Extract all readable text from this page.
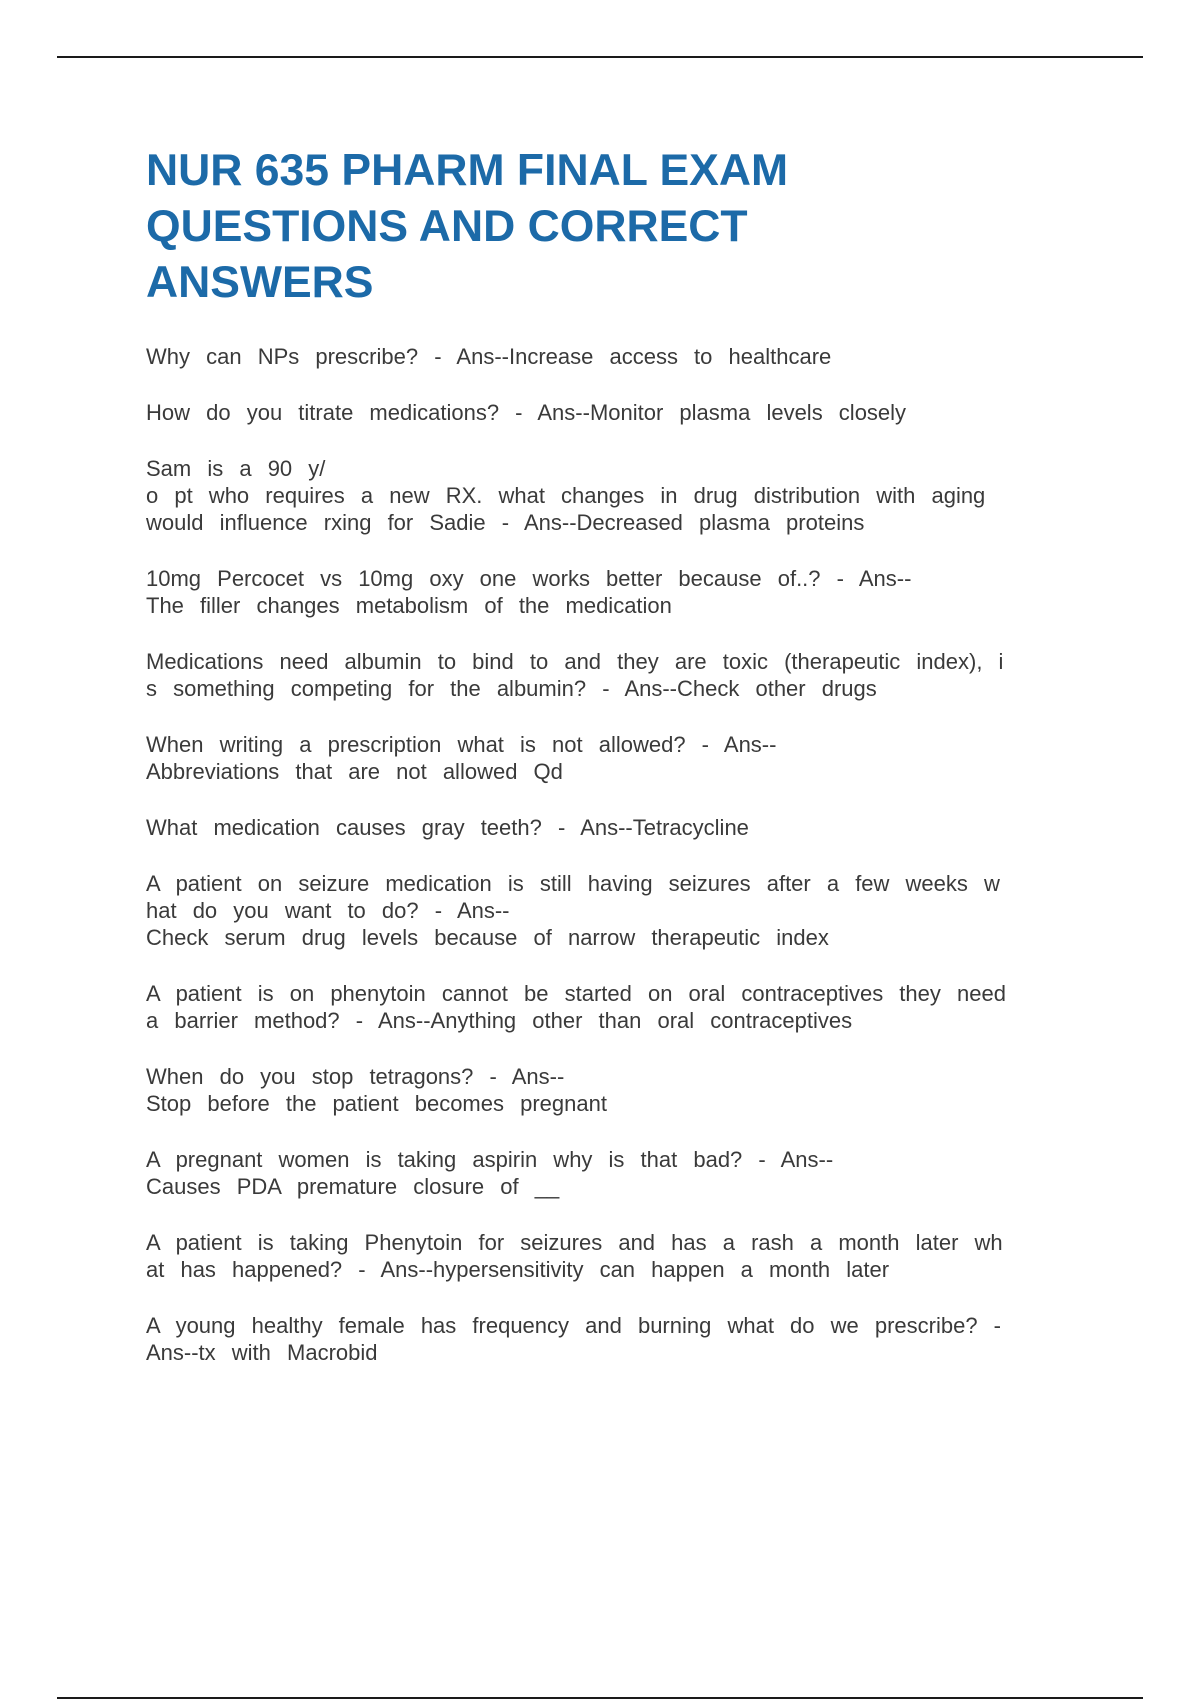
NUR 635 PHARM FINAL EXAM
QUESTIONS AND CORRECT
ANSWERS

Why can NPs prescribe? - Ans--Increase access to healthcare

How do you titrate medications? - Ans--Monitor plasma levels closely

Sam is a 90 y/
o pt who requires a new RX. what changes in drug distribution with aging
would influence rxing for Sadie - Ans--Decreased plasma proteins

10mg Percocet vs 10mg oxy one works better because of..? - Ans--
The filler changes metabolism of the medication

Medications need albumin to bind to and they are toxic (therapeutic index), i
s something competing for the albumin? - Ans--Check other drugs

When writing a prescription what is not allowed? - Ans--
Abbreviations that are not allowed Qd

What medication causes gray teeth? - Ans--Tetracycline

A patient on seizure medication is still having seizures after a few weeks w
hat do you want to do? - Ans--
Check serum drug levels because of narrow therapeutic index

A patient is on phenytoin cannot be started on oral contraceptives they need
a barrier method? - Ans--Anything other than oral contraceptives

When do you stop tetragons? - Ans--
Stop before the patient becomes pregnant

A pregnant women is taking aspirin why is that bad? - Ans--
Causes PDA premature closure of __

A patient is taking Phenytoin for seizures and has a rash a month later wh
at has happened? - Ans--hypersensitivity can happen a month later

A young healthy female has frequency and burning what do we prescribe? -
Ans--tx with Macrobid
